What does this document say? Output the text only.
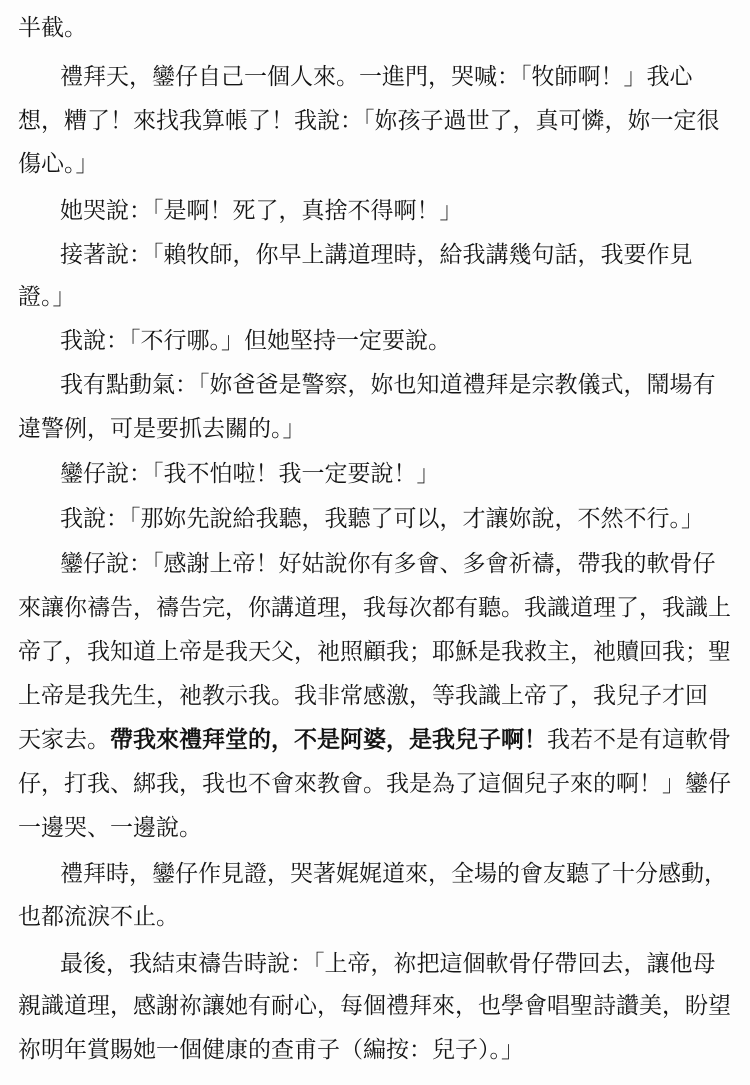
半截。
禮拜天，鑾仔自己一個人來。一進門，哭喊：「牧師啊！」我心
想，糟了！來找我算帳了！我說：「妳孩子過世了，真可憐，妳一定很
傷心。」
她哭說：「是啊！死了，真捨不得啊！」
接著說：「賴牧師，你早上講道理時，給我講幾句話，我要作見
證。」
我說：「不行哪。」但她堅持一定要說。
我有點動氣：「妳爸爸是警察，妳也知道禮拜是宗教儀式，鬧場有
違警例，可是要抓去關的。」
鑾仔說：「我不怕啦！我一定要說！」
我說：「那妳先說給我聽，我聽了可以，才讓妳說，不然不行。」
鑾仔說：「感謝上帝！好姑說你有多會、多會祈禱，帶我的軟骨仔
來讓你禱告，禱告完，你講道理，我每次都有聽。我識道理了，我識上
帝了，我知道上帝是我天父，祂照顧我；耶穌是我救主，祂贖回我；聖
上帝是我先生，祂教示我。我非常感激，等我識上帝了，我兒子才回
天家去。帶我來禮拜堂的，不是阿婆，是我兒子啊！我若不是有這軟骨
仔，打我、綁我，我也不會來教會。我是為了這個兒子來的啊！」鑾仔
一邊哭、一邊說。
禮拜時，鑾仔作見證，哭著娓娓道來，全場的會友聽了十分感動，
也都流淚不止。
最後，我結束禱告時說：「上帝，祢把這個軟骨仔帶回去，讓他母
親識道理，感謝祢讓她有耐心，每個禮拜來，也學會唱聖詩讚美，盼望
祢明年賞賜她一個健康的查甫子（編按：兒子）。」
